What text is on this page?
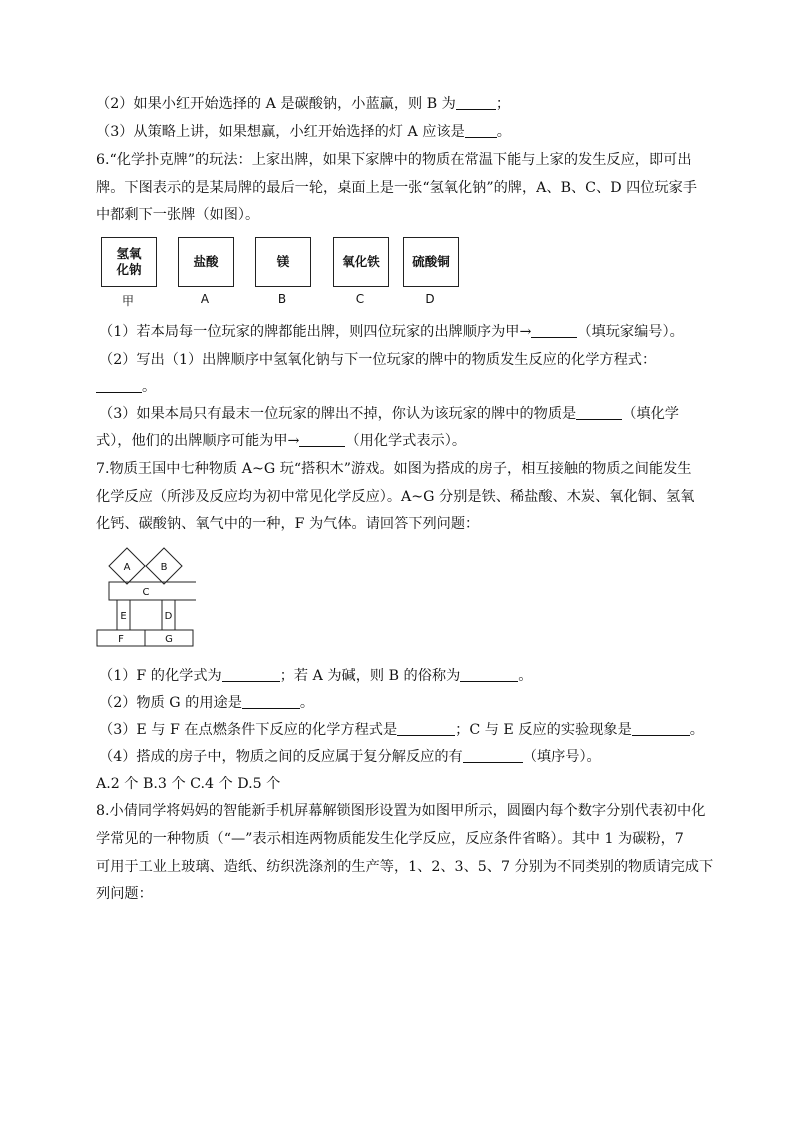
（2）如果小红开始选择的 A 是碳酸钠，小蓝赢，则 B 为	；
（3）从策略上讲，如果想赢，小红开始选择的灯 A 应该是 。
6.“化学扑克牌”的玩法：上家出牌，如果下家牌中的物质在常温下能与上家的发生反应，即可出
牌。下图表示的是某局牌的最后一轮，桌面上是一张“氢氧化钠”的牌，A、B、C、D 四位玩家手
中都剩下一张牌（如图）。
氢氧
化钠
盐酸	镁	氧化铁	硫酸铜
甲	A	B	C	D
（1）若本局每一位玩家的牌都能出牌，则四位玩家的出牌顺序为甲→	（填玩家编号）。
（2）写出（1）出牌顺序中氢氧化钠与下一位玩家的牌中的物质发生反应的化学方程式：
。
（3）如果本局只有最末一位玩家的牌出不掉，你认为该玩家的牌中的物质是	（填化学
式），他们的出牌顺序可能为甲→	（用化学式表示）。
7.物质王国中七种物质 A~G 玩“搭积木”游戏。如图为搭成的房子，相互接触的物质之间能发生
化学反应（所涉及反应均为初中常见化学反应）。A~G 分别是铁、稀盐酸、木炭、氧化铜、氢氧
化钙、碳酸钠、氧气中的一种，F 为气体。请回答下列问题：
A	B
C
E	D
F	G
（1）F 的化学式为	；若 A 为碱，则 B 的俗称为	。
（2）物质 G 的用途是	。
（3）E 与 F 在点燃条件下反应的化学方程式是	；C 与 E 反应的实验现象是	。
（4）搭成的房子中，物质之间的反应属于复分解反应的有	（填序号）。
A.2 个 B.3 个 C.4 个 D.5 个
8.小倩同学将妈妈的智能新手机屏幕解锁图形设置为如图甲所示，圆圈内每个数字分别代表初中化
学常见的一种物质（“—”表示相连两物质能发生化学反应，反应条件省略）。其中 1 为碳粉，7
可用于工业上玻璃、造纸、纺织洗涤剂的生产等，1、2、3、5、7 分别为不同类别的物质请完成下
列问题：
